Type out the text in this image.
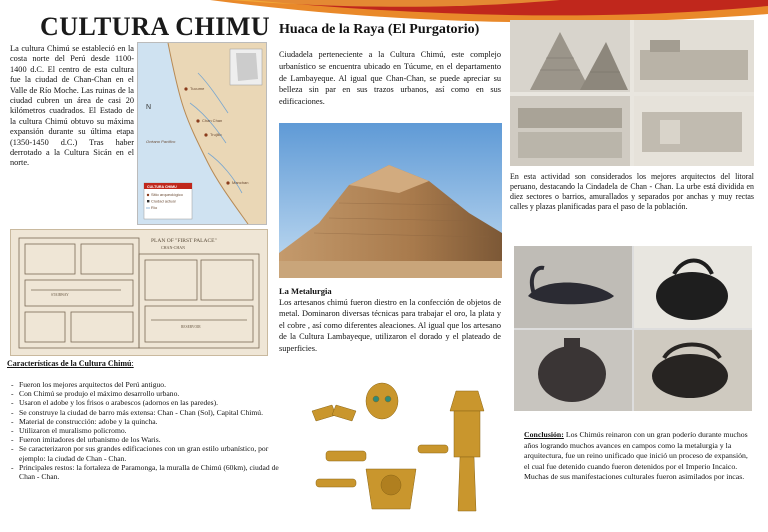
CULTURA CHIMU

La cultura Chimú se estableció en la costa norte del Perú desde 1100-1400 d.C. El centro de esta cultura fue la ciudad de Chan-Chan en el Valle de Río Moche. Las ruinas de la ciudad cubren un área de casi 20 kilómetros cuadrados. El Estado de la cultura Chimú obtuvo su máxima expansión durante su última etapa (1350-1450 d.C.) Tras haber derrotado a la Cultura Sicán en el norte.

Tucume
Chan Chan
Trujillo
Manchan
Océano Pacífico
N
CULTURA CHIMU
Sitio arqueológico
Ciudad actual
Río
PLAN OF "FIRST PALACE"
CHAN-CHAN
STAIRWAY
RESERVOIR
Características de la Cultura Chimú:
- Fueron los mejores arquitectos del Perú antiguo.
- Con Chimú se produjo el máximo desarrollo urbano.
- Usaron el adobe y los frisos o arabescos (adornos en las paredes).
- Se construye la ciudad de barro más extensa: Chan - Chan (Sol), Capital Chimú.
- Material de construcción: adobe y la quincha.
- Utilizaron el muralismo policromo.
- Fueron imitadores del urbanismo de los Waris.
- Se caracterizaron por sus grandes edificaciones con un gran estilo urbanístico, por ejemplo: la ciudad de Chan - Chan.
- Principales restos: la fortaleza de Paramonga, la muralla de Chimú (60km), ciudad de Chan - Chan.
Huaca de la Raya (El Purgatorio)

Ciudadela perteneciente a la Cultura Chimú, este complejo urbanístico se encuentra ubicado en Túcume, en el departamento de Lambayeque. Al igual que Chan-Chan, se puede apreciar su belleza sin par en sus trazos urbanos, así como en sus edificaciones.

La Metalurgia

Los artesanos chimú fueron diestro en la confección de objetos de metal. Dominaron diversas técnicas para trabajar el oro, la plata y el cobre , así como diferentes aleaciones. Al igual que los artesano de la Cultura Lambayeque, utilizaron el dorado y el plateado de superficies.

En esta actividad son considerados los mejores arquitectos del litoral peruano, destacando la Cindadela de Chan - Chan. La urbe está dividida en diez sectores o barrios, amurallados y separados por anchas y muy rectas calles y plazas planificadas para el paso de la población.

Conclusión: Los Chimús reinaron con un gran poderío durante muchos años logrando muchos avances en campos como la metalurgia y la arquitectura, fue un reino unificado que inició un proceso de expansión, el cual fue detenido cuando fueron detenidos por el Imperio Incaico. Muchas de sus manifestaciones culturales fueron asimilados por incas.
